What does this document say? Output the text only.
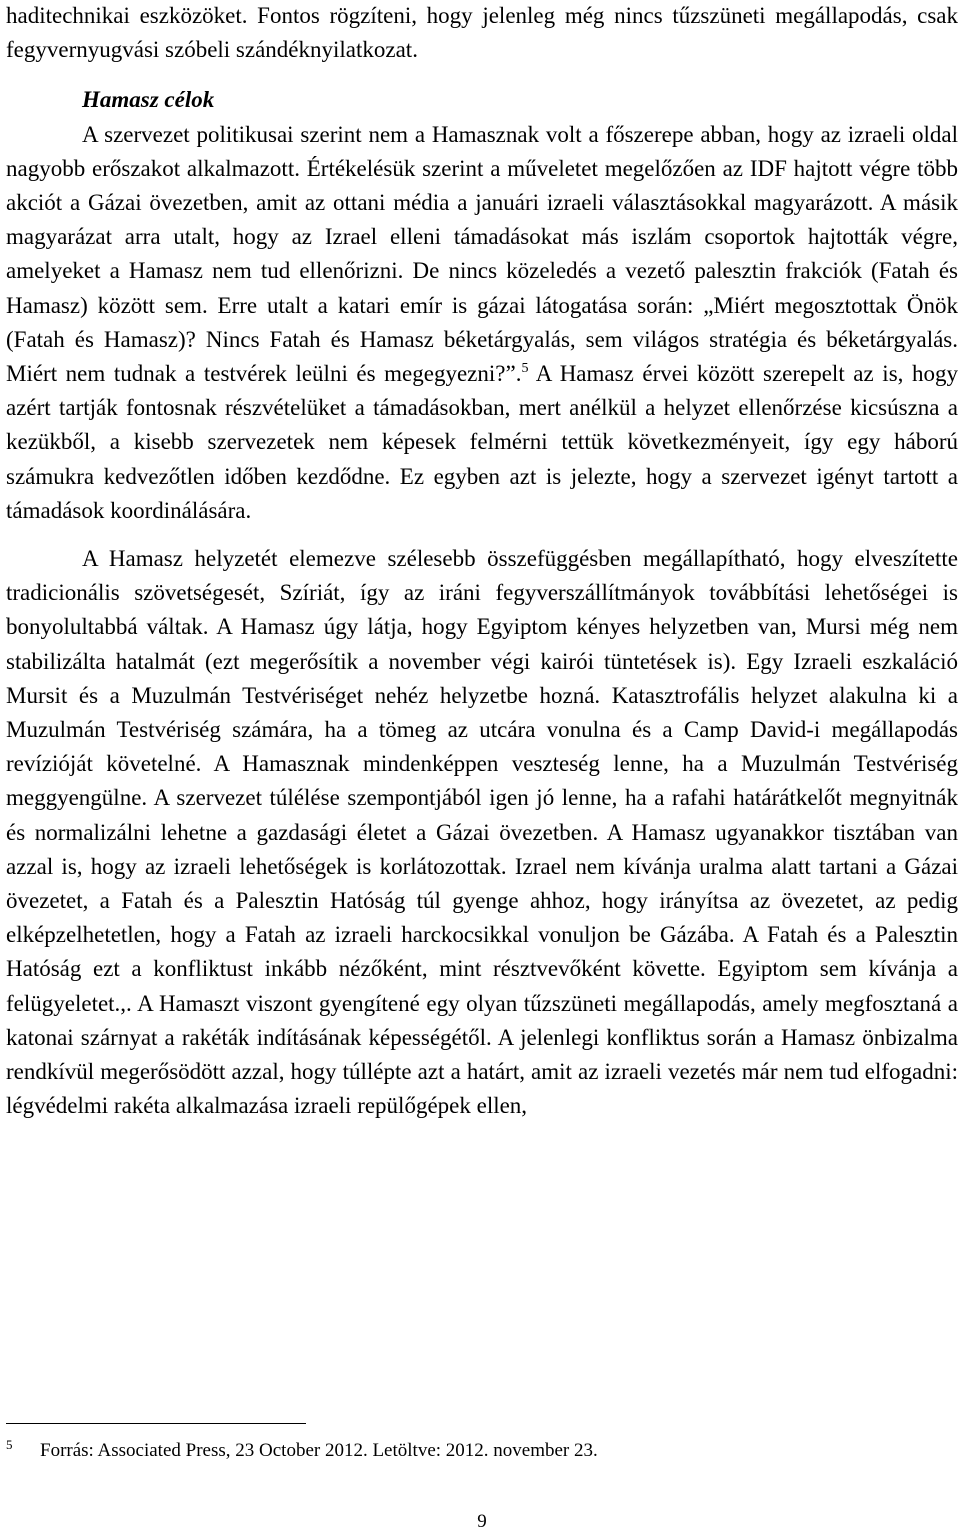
haditechnikai eszközöket. Fontos rögzíteni, hogy jelenleg még nincs tűzszüneti megállapodás, csak fegyvernyugvási szóbeli szándéknyilatkozat.

Hamasz célok

A szervezet politikusai szerint nem a Hamasznak volt a főszerepe abban, hogy az izraeli oldal nagyobb erőszakot alkalmazott. Értékelésük szerint a műveletet megelőzően az IDF hajtott végre több akciót a Gázai övezetben, amit az ottani média a januári izraeli választásokkal magyarázott. A másik magyarázat arra utalt, hogy az Izrael elleni támadásokat más iszlám csoportok hajtották végre, amelyeket a Hamasz nem tud ellenőrizni. De nincs közeledés a vezető palesztin frakciók (Fatah és Hamasz) között sem. Erre utalt a katari emír is gázai látogatása során: „Miért megosztottak Önök (Fatah és Hamasz)? Nincs Fatah és Hamasz béketárgyalás, sem világos stratégia és béketárgyalás. Miért nem tudnak a testvérek leülni és megegyezni?”.$^5$ A Hamasz érvei között szerepelt az is, hogy azért tartják fontosnak részvételüket a támadásokban, mert anélkül a helyzet ellenőrzése kicsúszna a kezükből, a kisebb szervezetek nem képesek felmérni tettük következményeit, így egy háború számukra kedvezőtlen időben kezdődne. Ez egyben azt is jelezte, hogy a szervezet igényt tartott a támadások koordinálására.

A Hamasz helyzetét elemezve szélesebb összefüggésben megállapítható, hogy elveszítette tradicionális szövetségesét, Szíriát, így az iráni fegyverszállítmányok továbbítási lehetőségei is bonyolultabbá váltak. A Hamasz úgy látja, hogy Egyiptom kényes helyzetben van, Mursi még nem stabilizálta hatalmát (ezt megerősítik a november végi kairói tüntetések is). Egy Izraeli eszkaláció Mursit és a Muzulmán Testvériséget nehéz helyzetbe hozná. Katasztrofális helyzet alakulna ki a Muzulmán Testvériség számára, ha a tömeg az utcára vonulna és a Camp David-i megállapodás revízióját követelné. A Hamasznak mindenképpen veszteség lenne, ha a Muzulmán Testvériség meggyengülne. A szervezet túlélése szempontjából igen jó lenne, ha a rafahi határátkelőt megnyitnák és normalizálni lehetne a gazdasági életet a Gázai övezetben. A Hamasz ugyanakkor tisztában van azzal is, hogy az izraeli lehetőségek is korlátozottak. Izrael nem kívánja uralma alatt tartani a Gázai övezetet, a Fatah és a Palesztin Hatóság túl gyenge ahhoz, hogy irányítsa az övezetet, az pedig elképzelhetetlen, hogy a Fatah az izraeli harckocsikkal vonuljon be Gázába. A Fatah és a Palesztin Hatóság ezt a konfliktust inkább nézőként, mint résztvevőként követte. Egyiptom sem kívánja a felügyeletet.,. A Hamaszt viszont gyengítené egy olyan tűzszüneti megállapodás, amely megfosztaná a katonai szárnyat a rakéták indításának képességétől. A jelenlegi konfliktus során a Hamasz önbizalma rendkívül megerősödött azzal, hogy túllépte azt a határt, amit az izraeli vezetés már nem tud elfogadni: légvédelmi rakéta alkalmazása izraeli repülőgépek ellen,

$^5$ Forrás: Associated Press, 23 October 2012. Letöltve: 2012. november 23.
9
